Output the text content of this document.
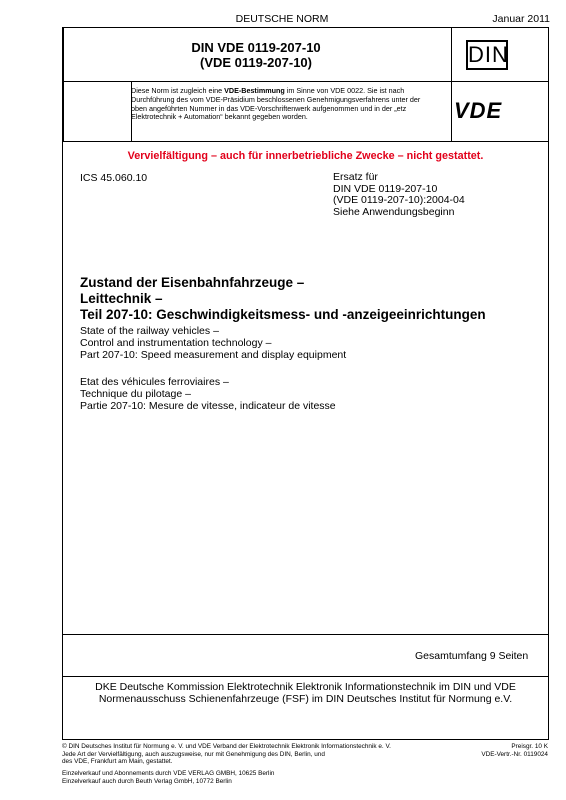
DEUTSCHE NORM	Januar 2011
DIN VDE 0119-207-10
(VDE 0119-207-10)	DIN
Diese Norm ist zugleich eine VDE-Bestimmung im Sinne von VDE 0022. Sie ist nach Durchführung des vom VDE-Präsidium beschlossenen Genehmigungsverfahrens unter der oben angeführten Nummer in das VDE-Vorschriftenwerk aufgenommen und in der „etz Elektrotechnik + Automation“ bekannt gegeben worden.	VDE
Vervielfältigung – auch für innerbetriebliche Zwecke – nicht gestattet.
ICS 45.060.10	Ersatz für
DIN VDE 0119-207-10
(VDE 0119-207-10):2004-04
Siehe Anwendungsbeginn
Zustand der Eisenbahnfahrzeuge –
Leittechnik –
Teil 207-10: Geschwindigkeitsmess- und -anzeigeeinrichtungen
State of the railway vehicles –
Control and instrumentation technology –
Part 207-10: Speed measurement and display equipment
Etat des véhicules ferroviaires –
Technique du pilotage –
Partie 207-10: Mesure de vitesse, indicateur de vitesse
Gesamtumfang 9 Seiten
DKE Deutsche Kommission Elektrotechnik Elektronik Informationstechnik im DIN und VDE
Normenausschuss Schienenfahrzeuge (FSF) im DIN Deutsches Institut für Normung e.V.
© DIN Deutsches Institut für Normung e. V. und VDE Verband der Elektrotechnik Elektronik Informationstechnik e. V.
Jede Art der Vervielfältigung, auch auszugsweise, nur mit Genehmigung des DIN, Berlin, und
des VDE, Frankfurt am Main, gestattet.
Preisgr. 10 K
VDE-Vertr.-Nr. 0119024
Einzelverkauf und Abonnements durch VDE VERLAG GMBH, 10625 Berlin
Einzelverkauf auch durch Beuth Verlag GmbH, 10772 Berlin
